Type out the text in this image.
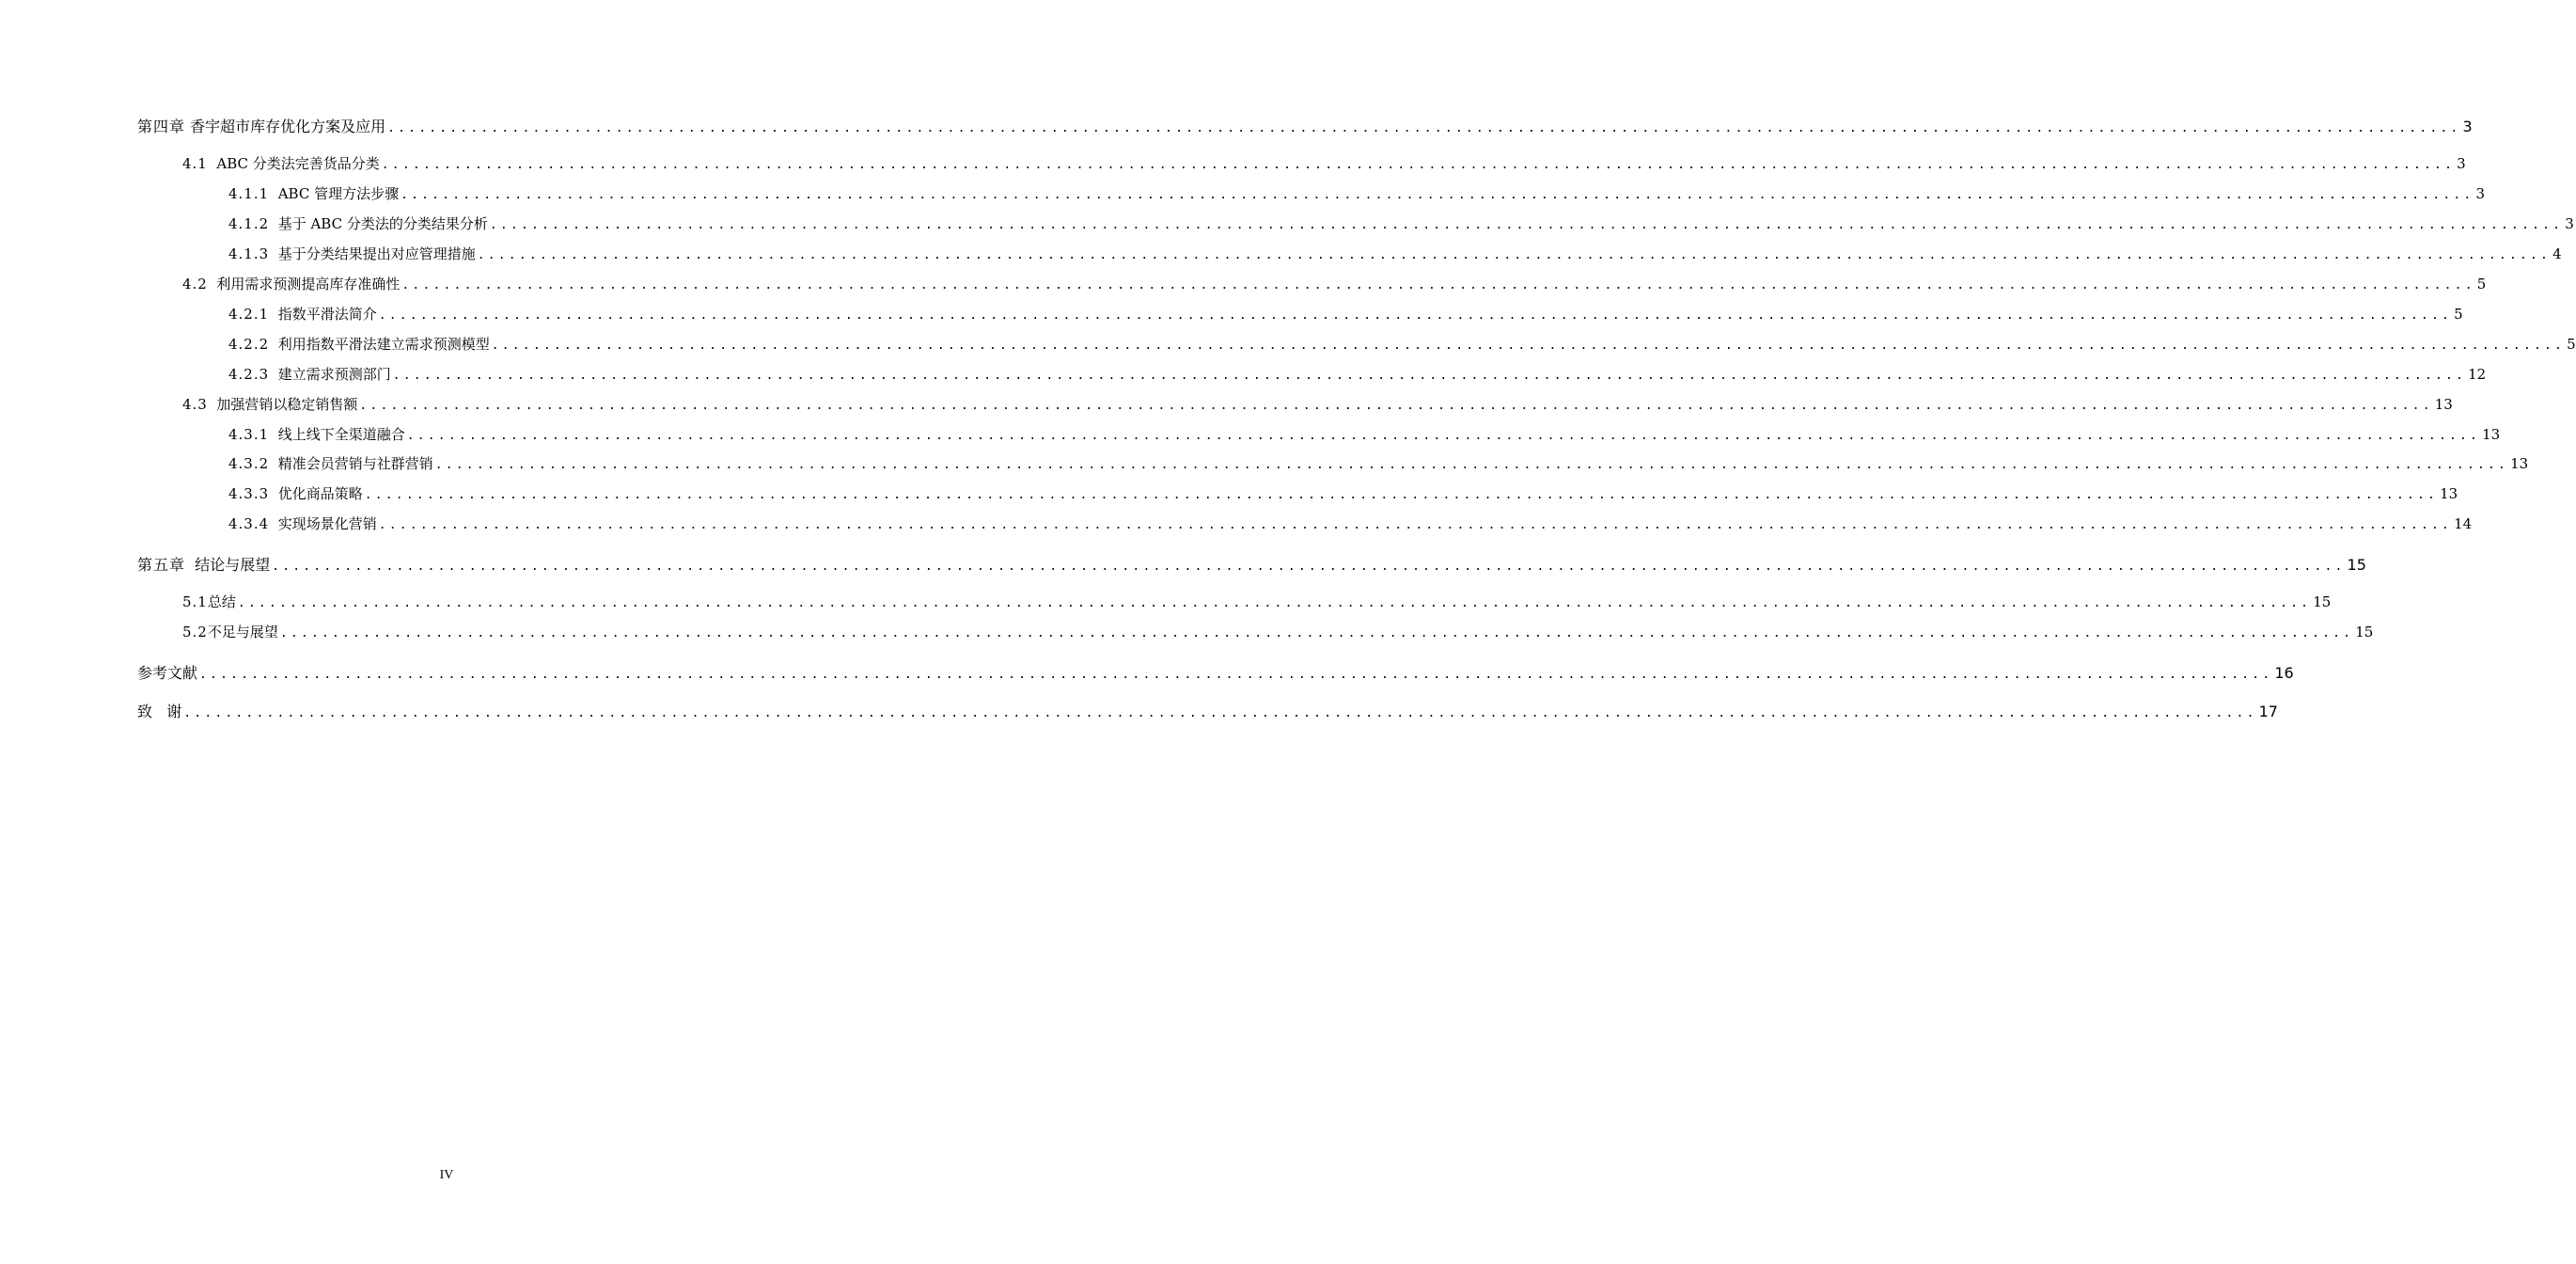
第四章 香宇超市库存优化方案及应用 ........................................................................................................................................................................................................ 3
4.1 ABC 分类法完善货品分类 ........................................................................................................................................................................................................ 3
4.1.1 ABC 管理方法步骤 ........................................................................................................................................................................................................ 3
4.1.2 基于 ABC 分类法的分类结果分析 ........................................................................................................................................................................................................ 3
4.1.3 基于分类结果提出对应管理措施 ........................................................................................................................................................................................................ 4
4.2 利用需求预测提高库存准确性 ........................................................................................................................................................................................................ 5
4.2.1 指数平滑法简介 ........................................................................................................................................................................................................ 5
4.2.2 利用指数平滑法建立需求预测模型 ........................................................................................................................................................................................................ 5
4.2.3 建立需求预测部门 ........................................................................................................................................................................................................ 12
4.3 加强营销以稳定销售额 ........................................................................................................................................................................................................ 13
4.3.1 线上线下全渠道融合 ........................................................................................................................................................................................................ 13
4.3.2 精准会员营销与社群营销 ........................................................................................................................................................................................................ 13
4.3.3 优化商品策略 ........................................................................................................................................................................................................ 13
4.3.4 实现场景化营销 ........................................................................................................................................................................................................ 14
第五章 结论与展望 ........................................................................................................................................................................................................ 15
5.1 总结 ........................................................................................................................................................................................................ 15
5.2 不足与展望 ........................................................................................................................................................................................................ 15
参考文献 ........................................................................................................................................................................................................ 16
致   谢 ........................................................................................................................................................................................................ 17
IV
